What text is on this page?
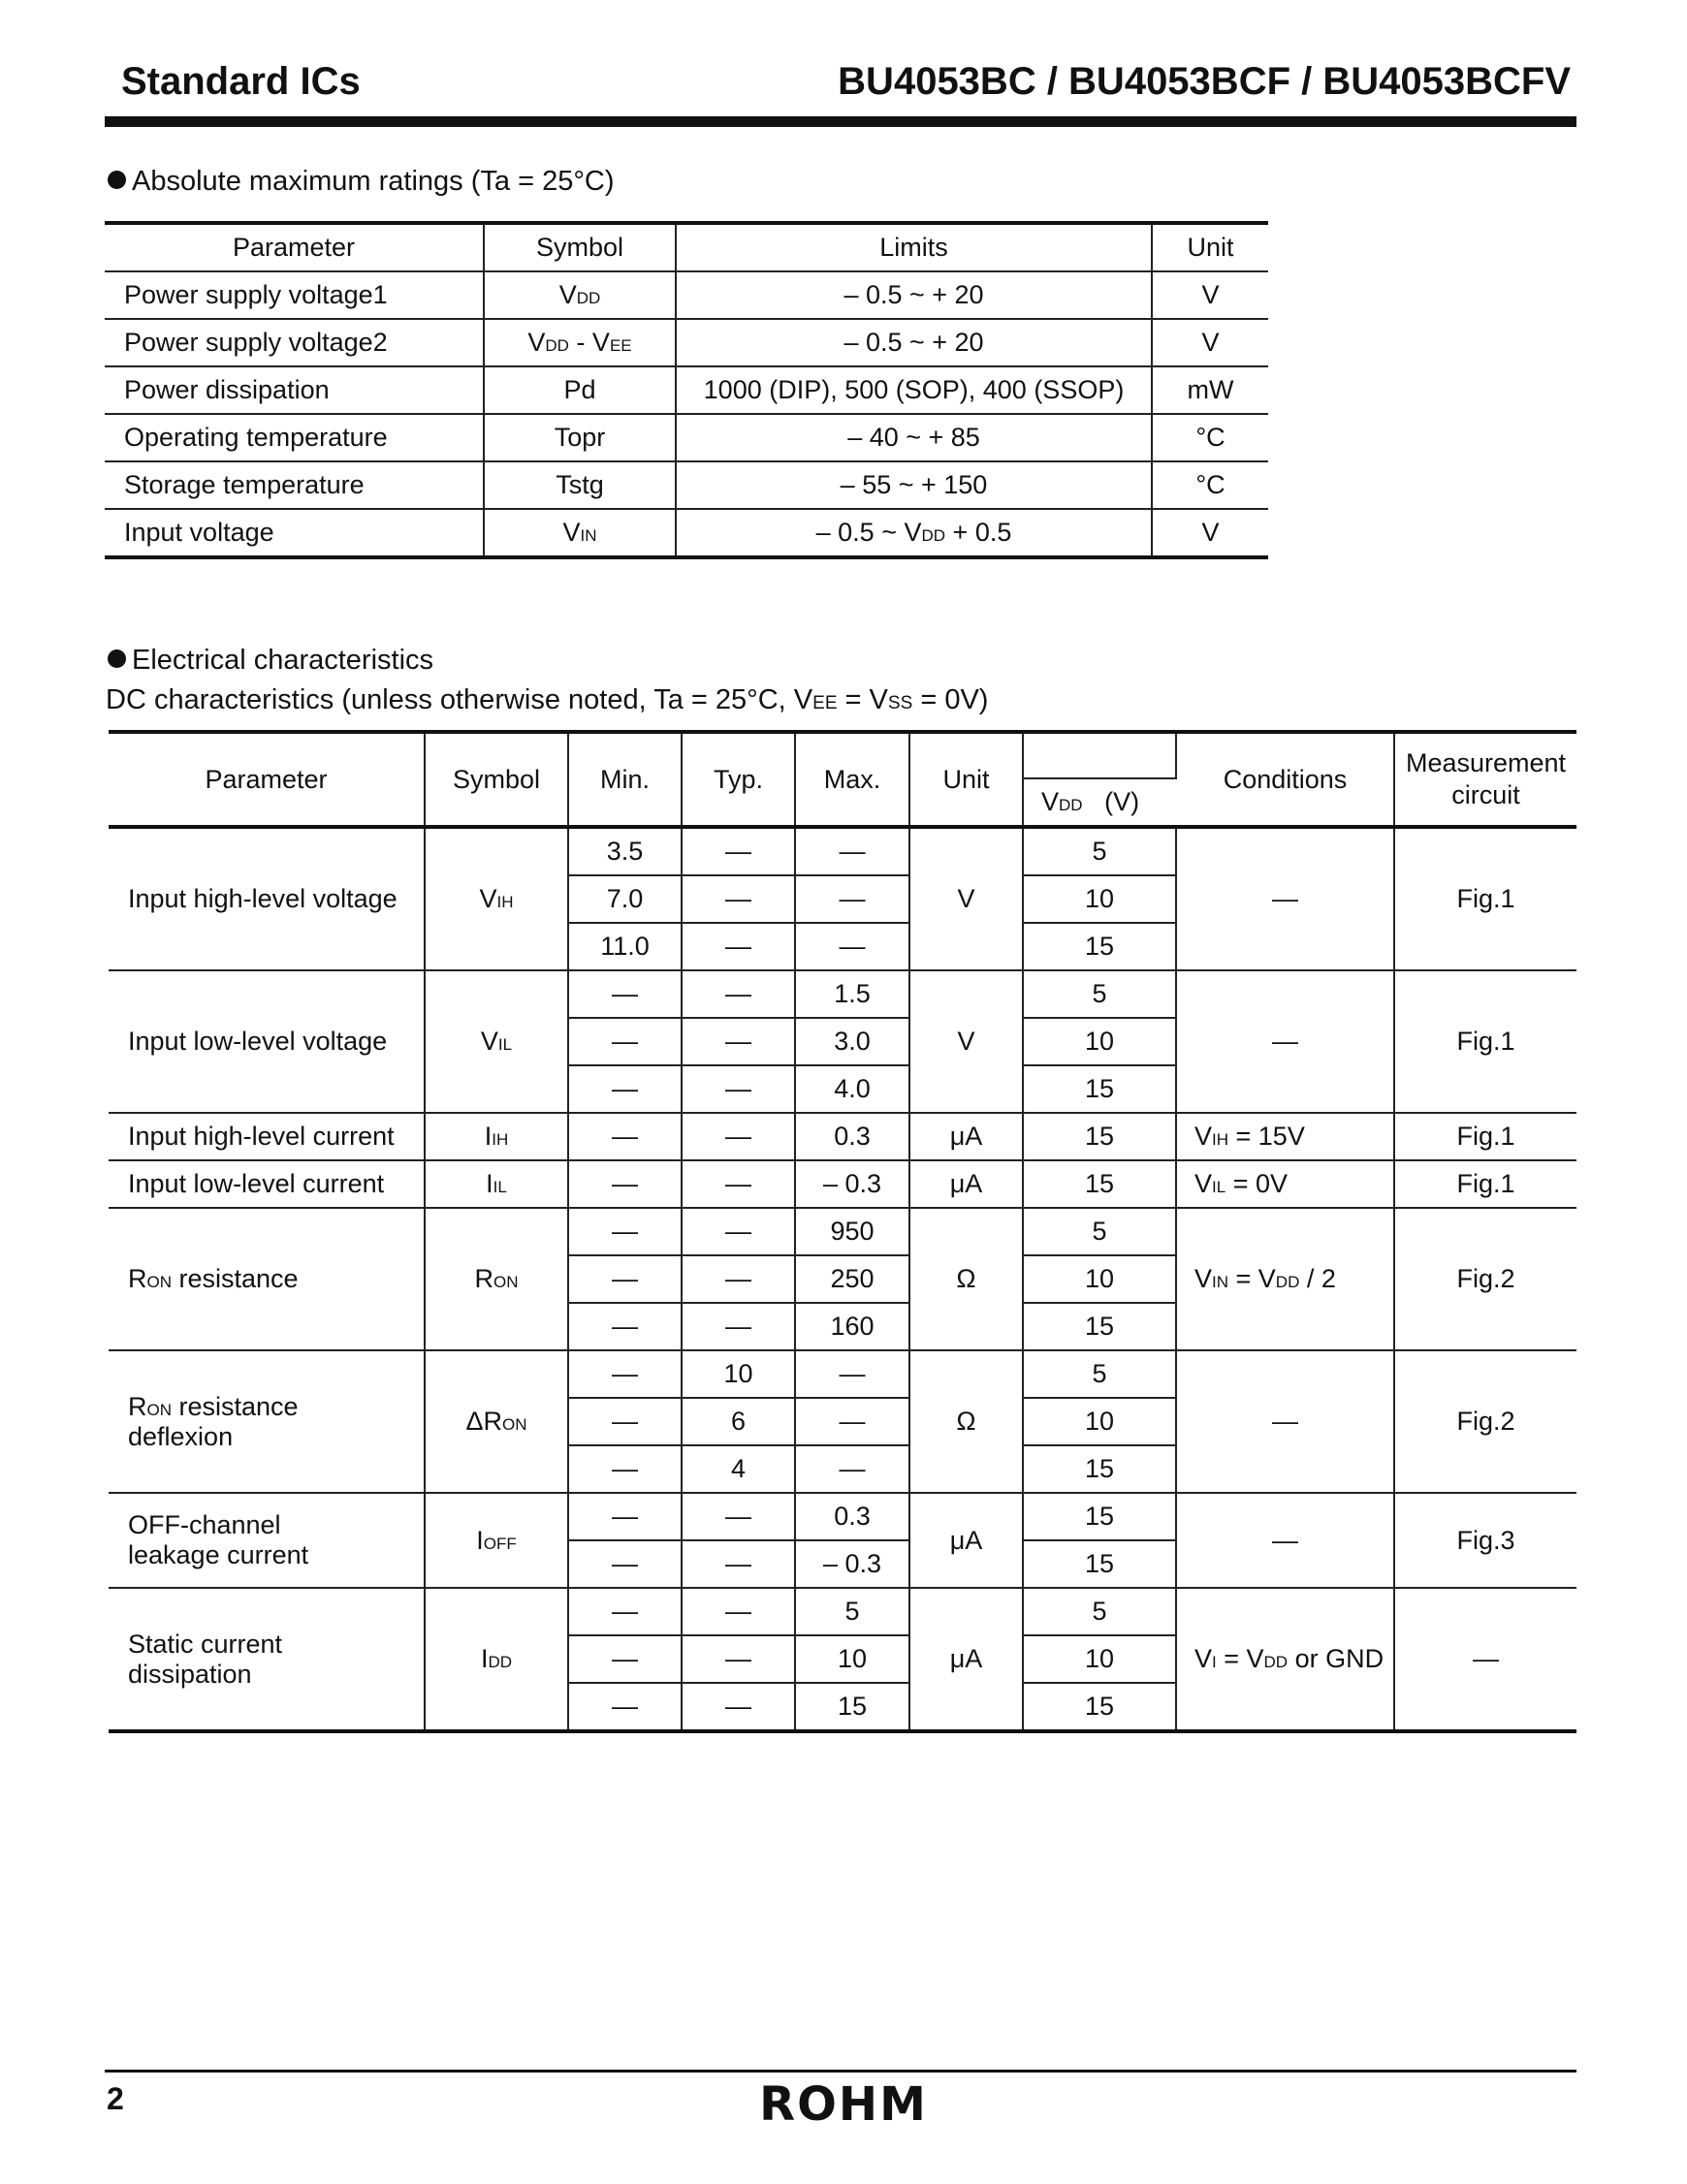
Standard ICs	BU4053BC / BU4053BCF / BU4053BCFV
Absolute maximum ratings (Ta = 25°C)
Parameter	Symbol	Limits	Unit
Power supply voltage1	VDD	– 0.5 ~ + 20	V
Power supply voltage2	VDD - VEE	– 0.5 ~ + 20	V
Power dissipation	Pd	1000 (DIP), 500 (SOP), 400 (SSOP)	mW
Operating temperature	Topr	– 40 ~ + 85	°C
Storage temperature	Tstg	– 55 ~ + 150	°C
Input voltage	VIN	– 0.5 ~ VDD + 0.5	V
Electrical characteristics
DC characteristics (unless otherwise noted, Ta = 25°C, VEE = VSS = 0V)
Parameter	Symbol	Min.	Typ.	Max.	Unit		Conditions	Measurement circuit
						VDD   (V)		
Input high-level voltage	VIH	3.5	—	—	V	5	—	Fig.1
		7.0	—	—		10		
		11.0	—	—		15		
Input low-level voltage	VIL	—	—	1.5	V	5	—	Fig.1
		—	—	3.0		10		
		—	—	4.0		15		
Input high-level current	IIH	—	—	0.3	μA	15	VIH = 15V	Fig.1
Input low-level current	IIL	—	—	– 0.3	μA	15	VIL = 0V	Fig.1
RON resistance	RON	—	—	950	Ω	5	VIN = VDD / 2	Fig.2
		—	—	250		10		
		—	—	160		15		
RON resistance
deflexion	ΔRON	—	10	—	Ω	5	—	Fig.2
		—	6	—		10		
		—	4	—		15		
OFF-channel
leakage current	IOFF	—	—	0.3	μA	15	—	Fig.3
		—	—	– 0.3		15		
Static current
dissipation	IDD	—	—	5	μA	5	VI = VDD or GND	—
		—	—	10		10		
		—	—	15		15		
2	ROHM
